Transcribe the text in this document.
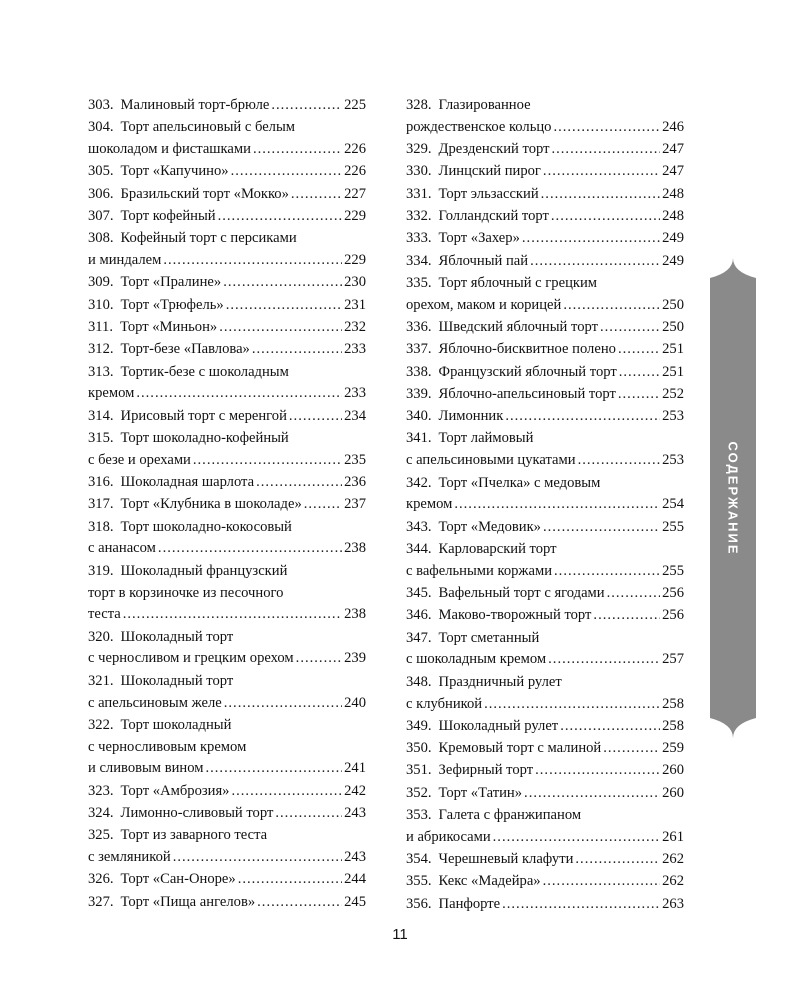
303. Малиновый торт-брюле .....	225
304. Торт апельсиновый с белым
шоколадом и фисташками .....	226
305. Торт «Капучино» .....	226
306. Бразильский торт «Мокко» .....	227
307. Торт кофейный .....	229
308. Кофейный торт с персиками
и миндалем .....	229
309. Торт «Пралине» .....	230
310. Торт «Трюфель» .....	231
311. Торт «Миньон» .....	232
312. Торт-безе «Павлова» .....	233
313. Тортик-безе с шоколадным
кремом .....	233
314. Ирисовый торт с меренгой .....	234
315. Торт шоколадно-кофейный
с безе и орехами .....	235
316. Шоколадная шарлота .....	236
317. Торт «Клубника в шоколаде» .....	237
318. Торт шоколадно-кокосовый
с ананасом .....	238
319. Шоколадный французский
торт в корзиночке из песочного
теста .....	238
320. Шоколадный торт
с черносливом и грецким орехом .....	239
321. Шоколадный торт
с апельсиновым желе .....	240
322. Торт шоколадный
с черносливовым кремом
и сливовым вином .....	241
323. Торт «Амброзия» .....	242
324. Лимонно-сливовый торт .....	243
325. Торт из заварного теста
с земляникой .....	243
326. Торт «Сан-Оноре» .....	244
327. Торт «Пища ангелов» .....	245
328. Глазированное
рождественское кольцо .....	246
329. Дрезденский торт .....	247
330. Линцский пирог .....	247
331. Торт эльзасский .....	248
332. Голландский торт .....	248
333. Торт «Захер» .....	249
334. Яблочный пай .....	249
335. Торт яблочный с грецким
орехом, маком и корицей .....	250
336. Шведский яблочный торт .....	250
337. Яблочно-бисквитное полено .....	251
338. Французский яблочный торт .....	251
339. Яблочно-апельсиновый торт .....	252
340. Лимонник .....	253
341. Торт лаймовый
с апельсиновыми цукатами .....	253
342. Торт «Пчелка» с медовым
кремом .....	254
343. Торт «Медовик» .....	255
344. Карловарский торт
с вафельными коржами .....	255
345. Вафельный торт с ягодами .....	256
346. Маково-творожный торт .....	256
347. Торт сметанный
с шоколадным кремом .....	257
348. Праздничный рулет
с клубникой .....	258
349. Шоколадный рулет .....	258
350. Кремовый торт с малиной .....	259
351. Зефирный торт .....	260
352. Торт «Татин» .....	260
353. Галета с франжипаном
и абрикосами .....	261
354. Черешневый клафути .....	262
355. Кекс «Мадейра» .....	262
356. Панфорте .....	263
СОДЕРЖАНИЕ
11
